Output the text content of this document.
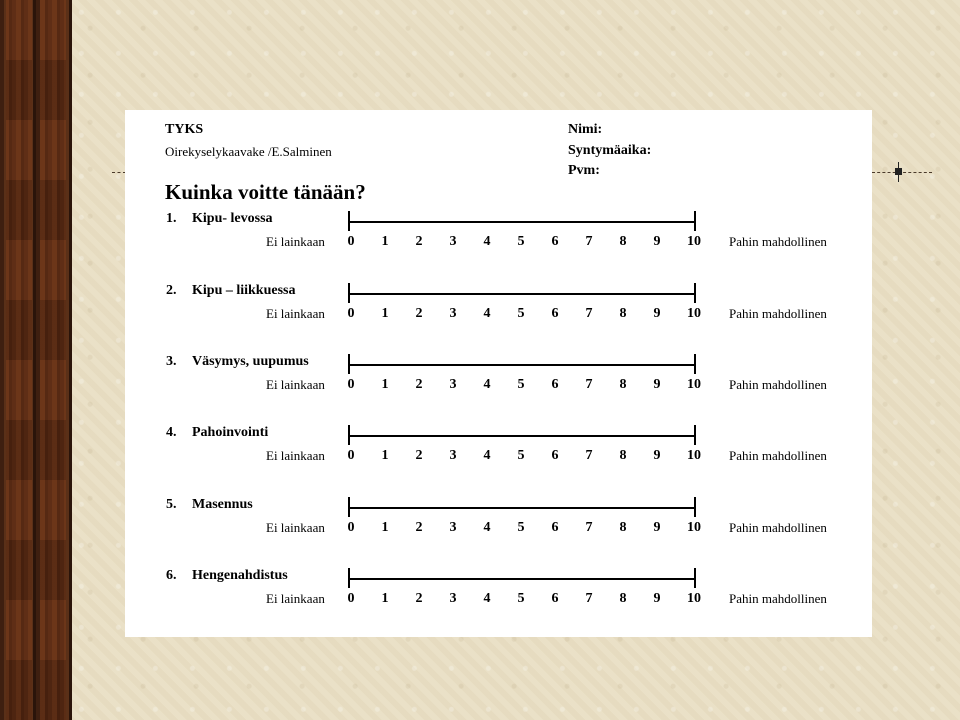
TYKS
Oirekyselykaavake /E.Salminen
Nimi:
Syntymäaika:
Pvm:
Kuinka voitte tänään?
1. Kipu- levossa
Ei lainkaan	0	1	2	3	4	5	6	7	8	9	10 Pahin mahdollinen
2. Kipu – liikkuessa
Ei lainkaan	0	1	2	3	4	5	6	7	8	9	10 Pahin mahdollinen
3. Väsymys, uupumus
Ei lainkaan	0	1	2	3	4	5	6	7	8	9	10 Pahin mahdollinen
4. Pahoinvointi
Ei lainkaan	0	1	2	3	4	5	6	7	8	9	10 Pahin mahdollinen
5. Masennus
Ei lainkaan	0	1	2	3	4	5	6	7	8	9	10 Pahin mahdollinen
6. Hengenahdistus
Ei lainkaan	0	1	2	3	4	5	6	7	8	9	10 Pahin mahdollinen
